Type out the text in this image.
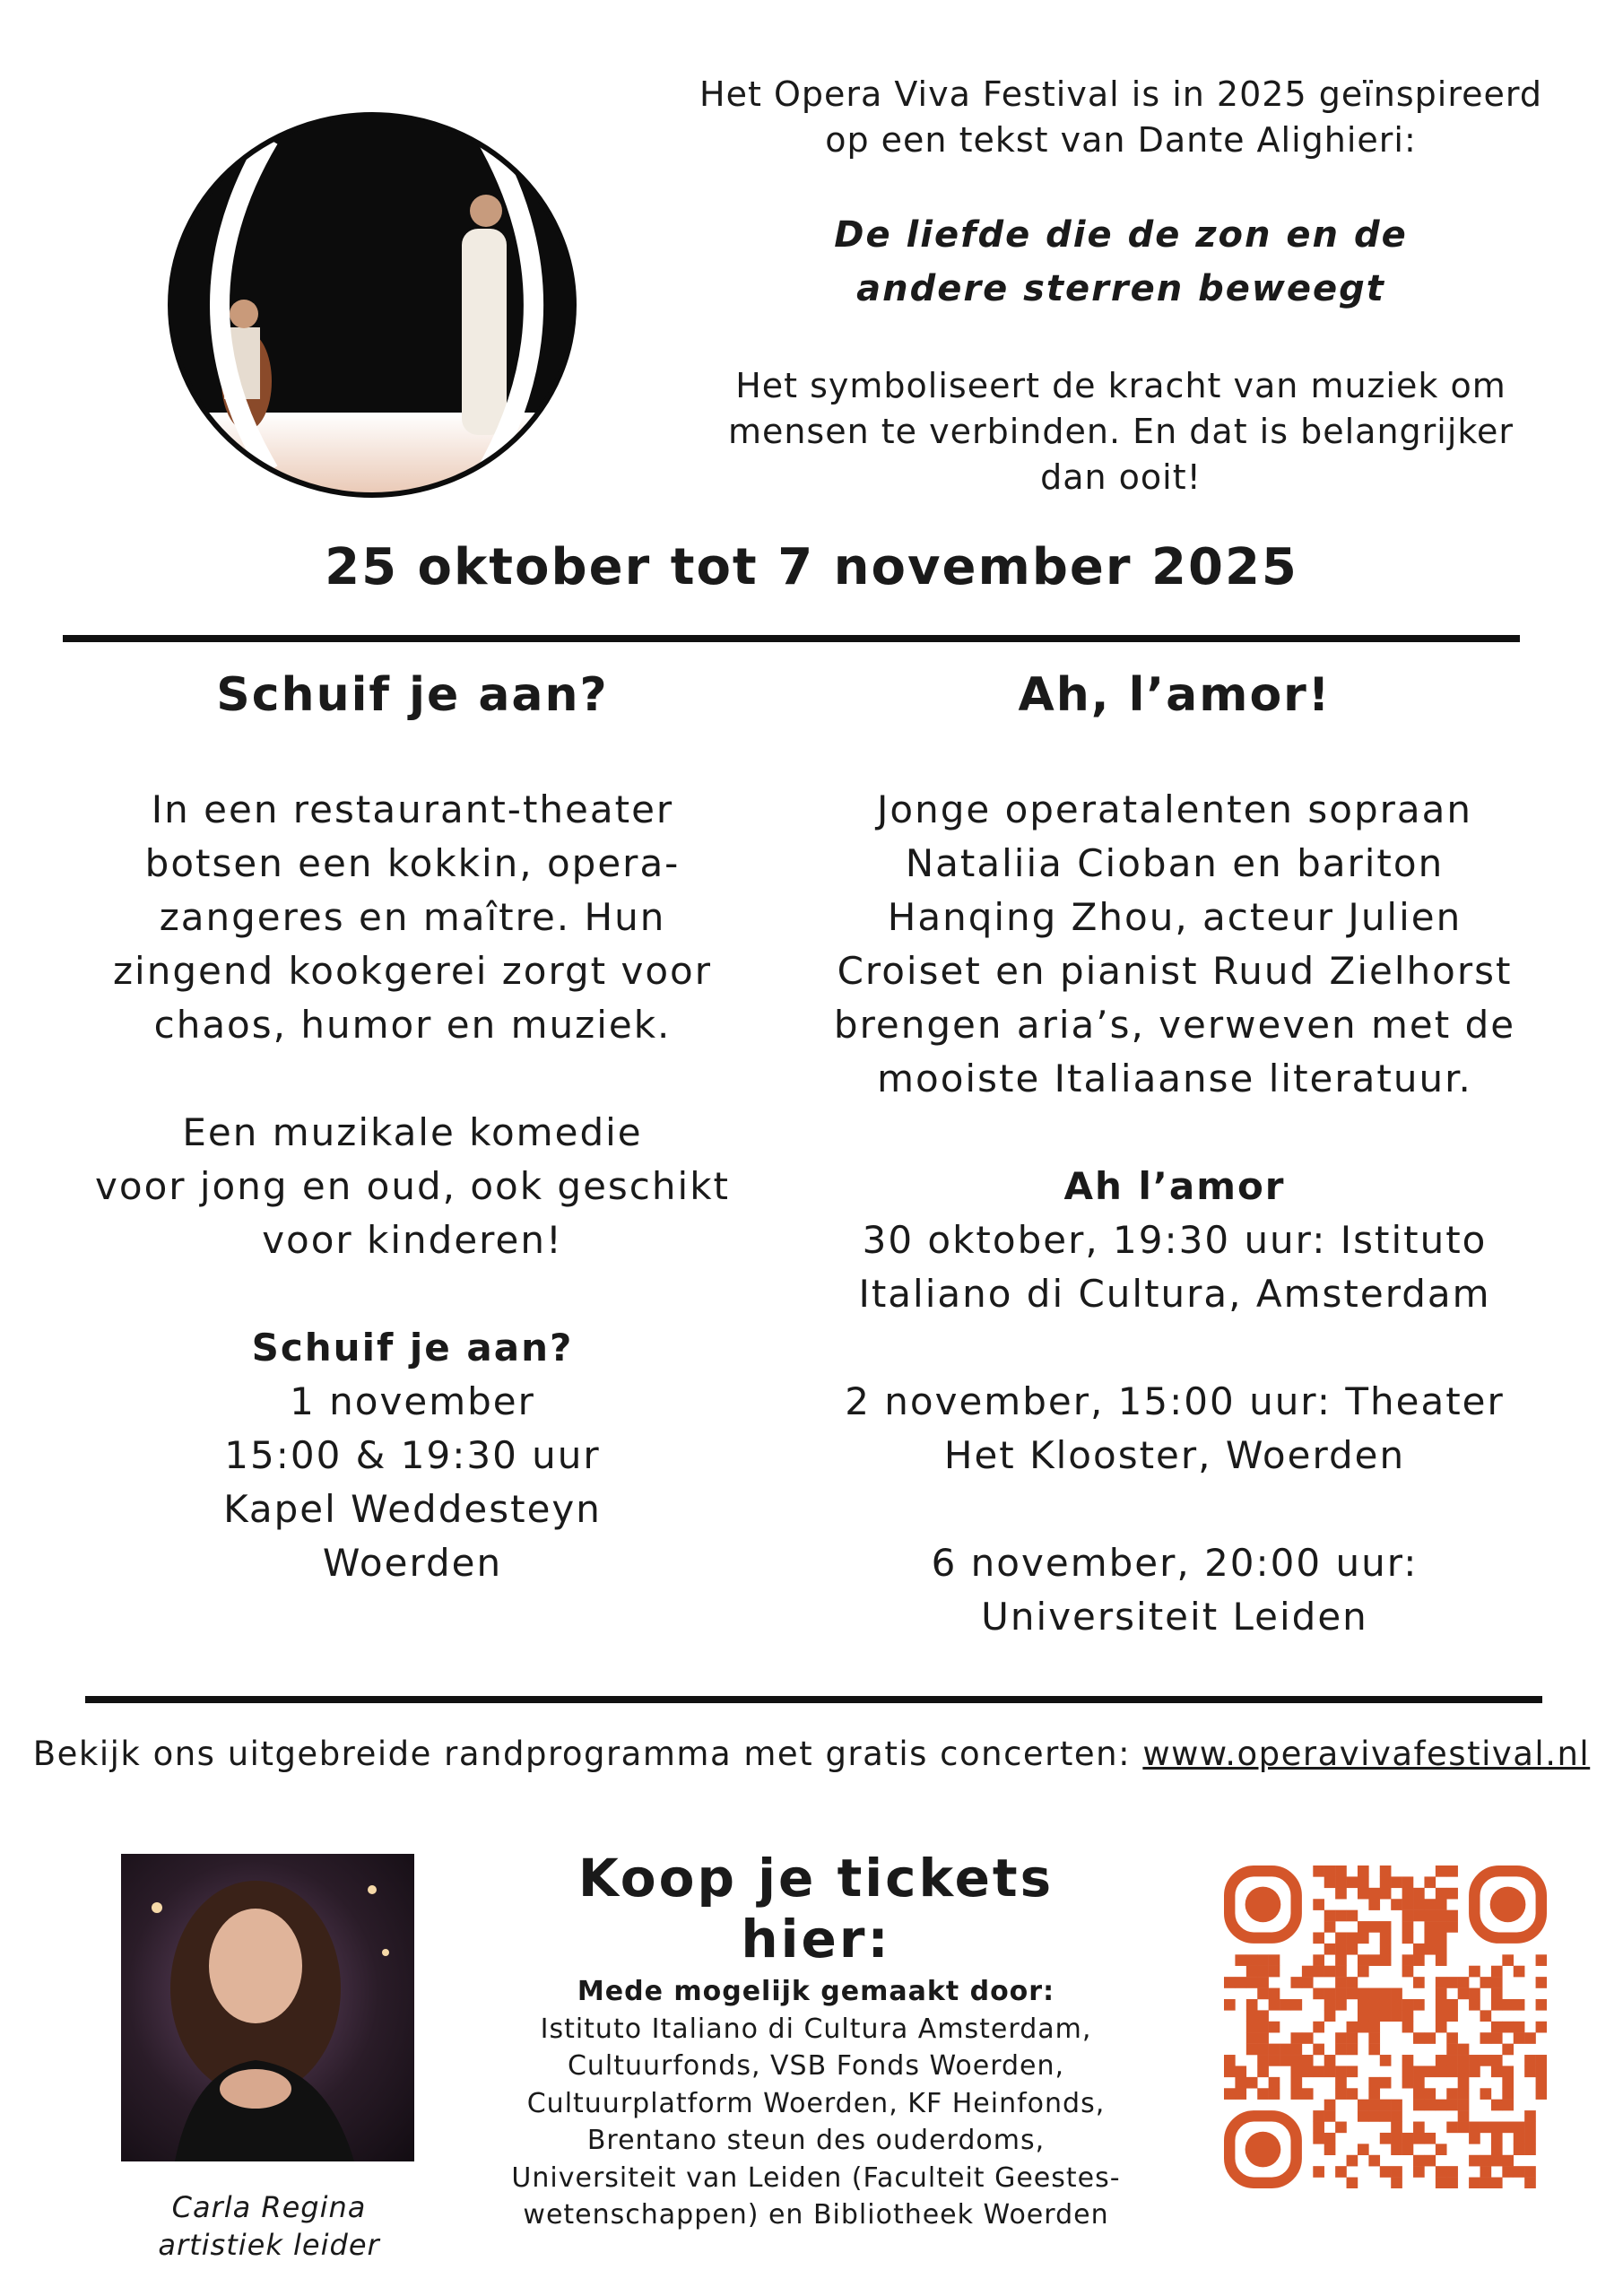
Het Opera Viva Festival is in 2025 geïnspireerd
op een tekst van Dante Alighieri:
De liefde die de zon en de
andere sterren beweegt
Het symboliseert de kracht van muziek om
mensen te verbinden. En dat is belangrijker
dan ooit!
25 oktober tot 7 november 2025
Schuif je aan?
In een restaurant-theater
botsen een kokkin, opera-
zangeres en maître. Hun
zingend kookgerei zorgt voor
chaos, humor en muziek.
Een muzikale komedie
voor jong en oud, ook geschikt
voor kinderen!
Schuif je aan?
1 november
15:00 & 19:30 uur
Kapel Weddesteyn
Woerden
Ah, l’amor!
Jonge operatalenten sopraan
Nataliia Cioban en bariton
Hanqing Zhou, acteur Julien
Croiset en pianist Ruud Zielhorst
brengen aria’s, verweven met de
mooiste Italiaanse literatuur.
Ah l’amor
30 oktober, 19:30 uur: Istituto
Italiano di Cultura, Amsterdam
2 november, 15:00 uur: Theater
Het Klooster, Woerden
6 november, 20:00 uur:
Universiteit Leiden
Bekijk ons uitgebreide randprogramma met gratis concerten: www.operavivafestival.nl
Carla Regina
artistiek leider
Koop je tickets hier:
Mede mogelijk gemaakt door:
Istituto Italiano di Cultura Amsterdam,
Cultuurfonds, VSB Fonds Woerden,
Cultuurplatform Woerden, KF Heinfonds,
Brentano steun des ouderdoms,
Universiteit van Leiden (Faculteit Geestes-
wetenschappen) en Bibliotheek Woerden
